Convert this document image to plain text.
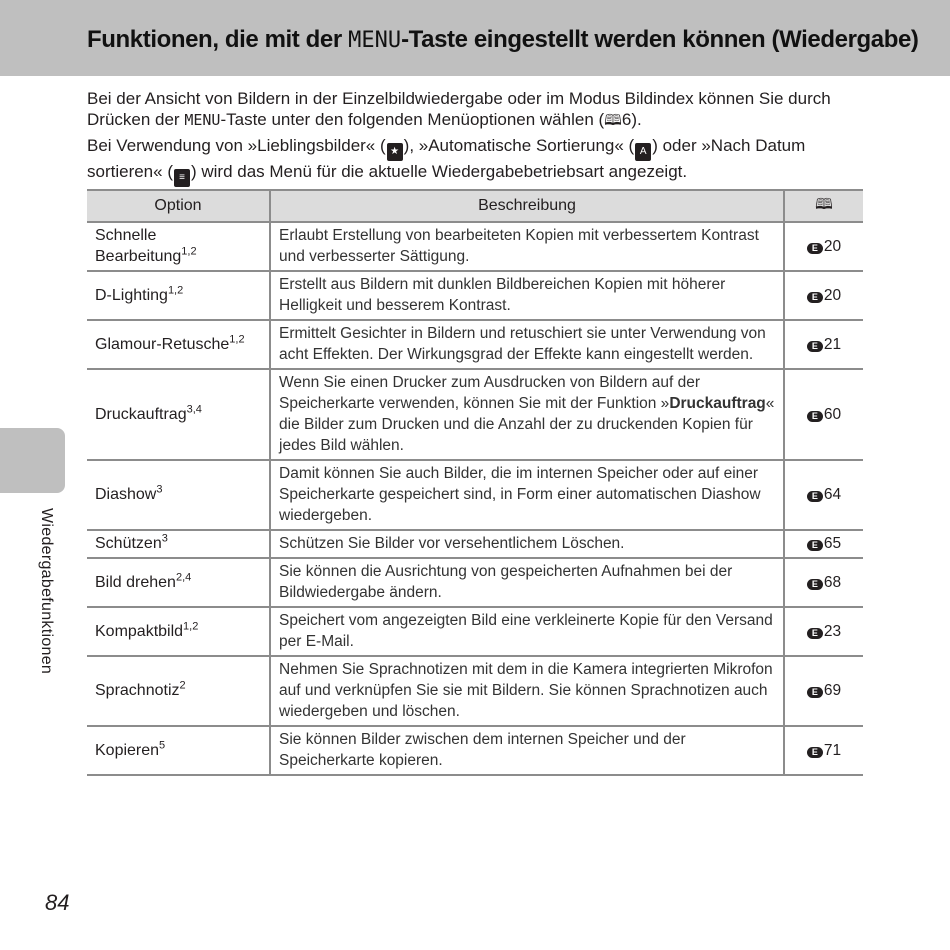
Funktionen, die mit der MENU-Taste eingestellt werden können (Wiedergabe)

Bei der Ansicht von Bildern in der Einzelbildwiedergabe oder im Modus Bildindex können Sie durch Drücken der MENU-Taste unter den folgenden Menüoptionen wählen (🕮6).

Bei Verwendung von »Lieblingsbilder« ( ★ ), »Automatische Sortierung« ( A ) oder »Nach Datum sortieren« ( ≡ ) wird das Menü für die aktuelle Wiedergabebetriebsart angezeigt.

Option	Beschreibung	🕮
Schnelle Bearbeitung$^{1,2}$	Erlaubt Erstellung von bearbeiteten Kopien mit verbessertem Kontrast und verbesserter Sättigung.	E 20
D-Lighting$^{1,2}$	Erstellt aus Bildern mit dunklen Bildbereichen Kopien mit höherer Helligkeit und besserem Kontrast.	E 20
Glamour-Retusche$^{1,2}$	Ermittelt Gesichter in Bildern und retuschiert sie unter Verwendung von acht Effekten. Der Wirkungsgrad der Effekte kann eingestellt werden.	E 21
Druckauftrag$^{3,4}$	Wenn Sie einen Drucker zum Ausdrucken von Bildern auf der Speicherkarte verwenden, können Sie mit der Funktion »Druckauftrag« die Bilder zum Drucken und die Anzahl der zu druckenden Kopien für jedes Bild wählen.	E 60
Diashow$^3$	Damit können Sie auch Bilder, die im internen Speicher oder auf einer Speicherkarte gespeichert sind, in Form einer automatischen Diashow wiedergeben.	E 64
Schützen$^3$	Schützen Sie Bilder vor versehentlichem Löschen.	E 65
Bild drehen$^{2,4}$	Sie können die Ausrichtung von gespeicherten Aufnahmen bei der Bildwiedergabe ändern.	E 68
Kompaktbild$^{1,2}$	Speichert vom angezeigten Bild eine verkleinerte Kopie für den Versand per E-Mail.	E 23
Sprachnotiz$^2$	Nehmen Sie Sprachnotizen mit dem in die Kamera integrierten Mikrofon auf und verknüpfen Sie sie mit Bildern. Sie können Sprachnotizen auch wiedergeben und löschen.	E 69
Kopieren$^5$	Sie können Bilder zwischen dem internen Speicher und der Speicherkarte kopieren.	E 71
Wiedergabefunktionen
84
